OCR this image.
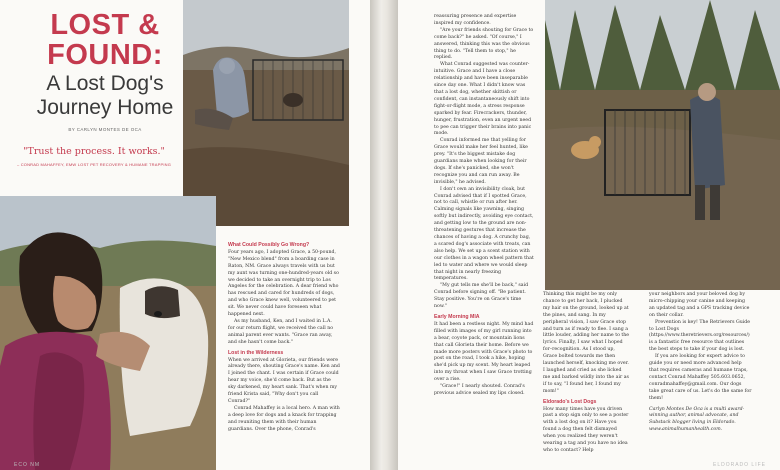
LOST &
FOUND:
A Lost Dog's
Journey Home
BY CARLYN MONTES DE OCA
"Trust the process. It works."
– CONRAD MAHAFFEY, EMW LOST PET RECOVERY & HUMANE TRAPPING
What Could Possibly Go Wrong?

Four years ago, I adopted Grace, a 50-pound, "New Mexico blend" from a boarding case in Raton, NM. Grace always travels with us but my aunt was turning one-hundred-years old so we decided to take an overnight trip to Los Angeles for the celebration. A dear friend who has rescued and cared for hundreds of dogs, and who Grace knew well, volunteered to pet sit. We never could have foreseen what happened next.

As my husband, Ken, and I waited in L.A. for our return flight, we received the call no animal parent ever wants. "Grace ran away, and she hasn't come back."

Lost in the Wilderness

When we arrived at Glorieta, our friends were already there, shouting Grace's name. Ken and I joined the chant. I was certain if Grace could hear my voice, she'd come back. But as the sky darkened, my heart sank. That's when my friend Krista said, "Why don't you call Conrad?"

Conrad Mahaffey is a local hero. A man with a deep love for dogs and a knack for trapping and reuniting them with their human guardians. Over the phone, Conrad's

ECO NM

reassuring presence and expertise inspired my confidence.

"Are your friends shouting for Grace to come back?" he asked. "Of course," I answered, thinking this was the obvious thing to do. "Tell them to stop," he replied.

What Conrad suggested was counter-intuitive. Grace and I have a close relationship and have been inseparable since day one. What I didn't know was that a lost dog, whether skittish or confident, can instantaneously shift into fight-or-flight mode, a stress response sparked by fear. Firecrackers, thunder, hunger, frustration, even an urgent need to pee can trigger their brains into panic mode.

Conrad informed me that yelling for Grace would make her feel hunted, like prey. "It's the biggest mistake dog guardians make when looking for their dogs. If she's panicked, she won't recognize you and can run away. Be invisible," he advised.

I don't own an invisibility cloak, but Conrad advised that if I spotted Grace, not to call, whistle or run after her. Calming signals like yawning, singing softly but indirectly, avoiding eye contact, and getting low to the ground are non-threatening gestures that increase the chances of having a dog. A crunchy bag, a scared dog's associate with treats, can also help. We set up a scent station with our clothes in a wagon wheel pattern that led to water and where we would sleep that night in nearly freezing temperatures.

"My gut tells me she'll be back," said Conrad before signing off. "Be patient. Stay positive. You're on Grace's time now."

Early Morning MIA

It had been a restless night. My mind had filled with images of my girl running into a bear, coyote pack, or mountain lions that call Glorieta their home. Before we made more posters with Grace's photo to post on the road, I took a hike, hoping she'd pick up my scent. My heart leaped into my throat when I saw Grace trotting over a rise.

"Grace!" I nearly shouted. Conrad's previous advice sealed my lips closed.

Thinking this might be my only chance to get her back, I plucked my hair on the ground, looked up at the pines, and sang. In my peripheral vision, I saw Grace stop and turn as if ready to flee. I sang a little louder, adding her name to the lyrics. Finally, I saw what I hoped for–recognition. As I stood up, Grace bolted towards me then launched herself, knocking me over. I laughed and cried as she licked me and barked wildly into the air as if to say, "I found her, I found my mom!"

Eldorado's Lost Dogs

How many times have you driven past a stop sign only to see a poster with a lost dog on it? Have you found a dog then felt dismayed when you realized they weren't wearing a tag and you have no idea who to contact? Help

your neighbors and your beloved dog by micro-chipping your canine and keeping an updated tag and a GPS tracking device on their collar.

Prevention is key! The Retrievers Guide to Lost Dogs (https://www.theretrievers.org/resources/) is a fantastic free resource that outlines the best steps to take if your dog is lost.

If you are looking for expert advice to guide you or need more advanced help that requires cameras and humane traps, contact Conrad Mahaffey 505.603.0652, conradmahaffey@gmail.com. Our dogs take great care of us. Let's do the same for them!

Carlyn Montes De Oca is a multi award-winning author, animal advocate, and Substack blogger living in Eldorado. www.animalhumanhealth.com.

ELDORADO LIFE
